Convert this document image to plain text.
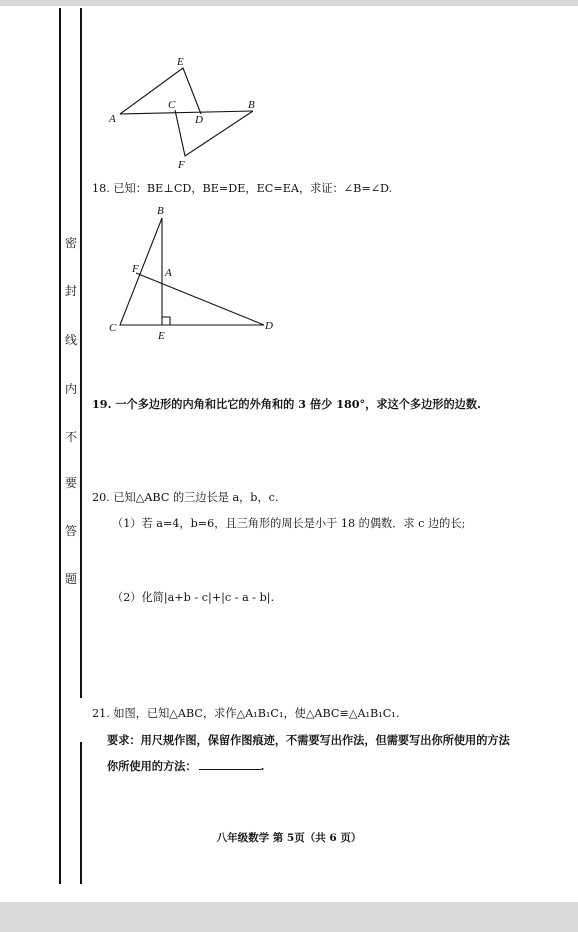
密
封
线
内
不
要
答
题
E
A
C
D
B
F
18. 已知：BE⊥CD，BE=DE，EC=EA，求证：∠B=∠D.
B
F A
C
E
D
19. 一个多边形的内角和比它的外角和的 3 倍少 180°，求这个多边形的边数.
20. 已知△ABC 的三边长是 a，b，c.
（1）若 a=4，b=6，且三角形的周长是小于 18 的偶数．求 c 边的长;
（2）化简|a+b - c|+|c - a - b|.
21. 如图，已知△ABC，求作△A₁B₁C₁，使△ABC≌△A₁B₁C₁.
要求：用尺规作图，保留作图痕迹，不需要写出作法，但需要写出你所使用的方法
你所使用的方法：	.
八年级数学 第 5页（共 6 页）
